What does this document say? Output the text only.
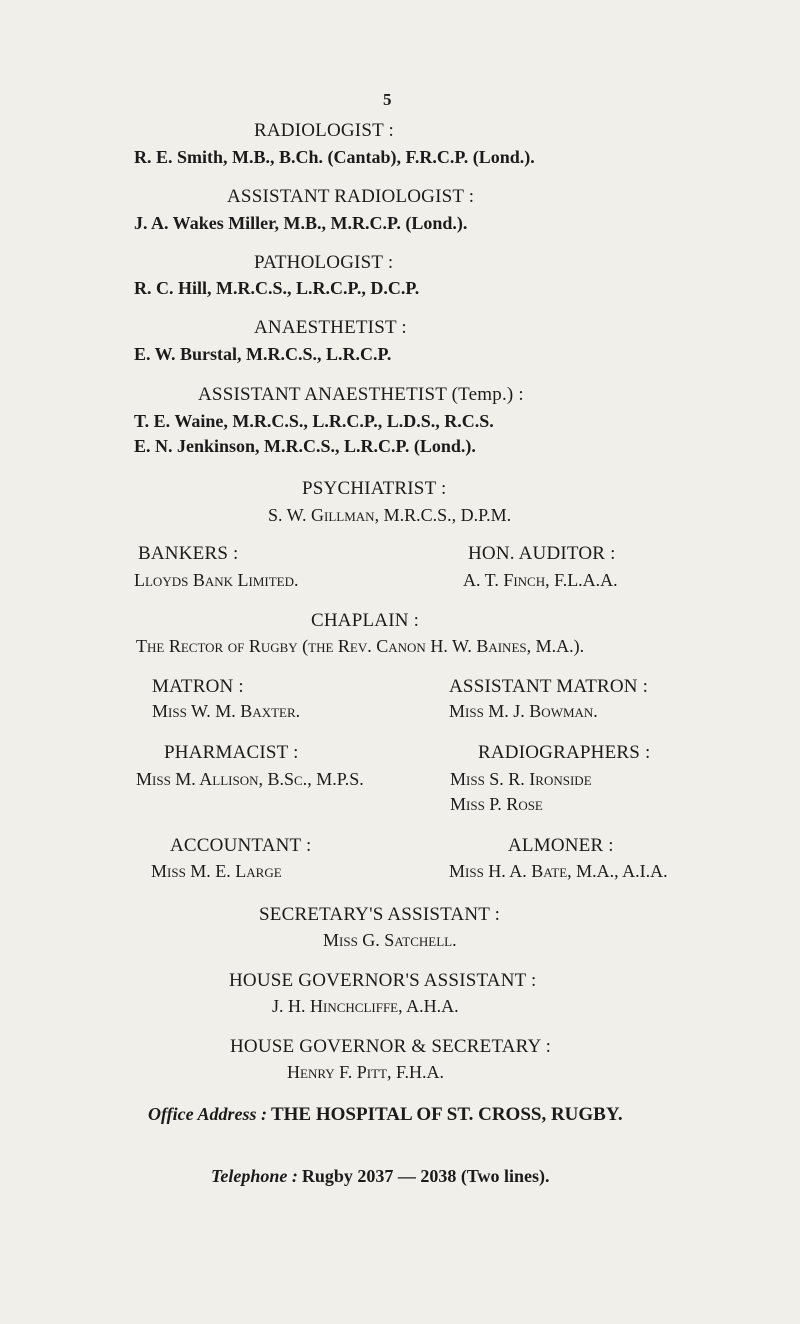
5
RADIOLOGIST :
R. E. Smith, M.B., B.Ch. (Cantab), F.R.C.P. (Lond.).
ASSISTANT RADIOLOGIST :
J. A. Wakes Miller, M.B., M.R.C.P. (Lond.).
PATHOLOGIST :
R. C. Hill, M.R.C.S., L.R.C.P., D.C.P.
ANAESTHETIST :
E. W. Burstal, M.R.C.S., L.R.C.P.
ASSISTANT ANAESTHETIST (Temp.) :
T. E. Waine, M.R.C.S., L.R.C.P., L.D.S., R.C.S.
E. N. Jenkinson, M.R.C.S., L.R.C.P. (Lond.).
PSYCHIATRIST :
S. W. Gillman, M.R.C.S., D.P.M.
BANKERS :
Lloyds Bank Limited.
HON. AUDITOR :
A. T. Finch, F.L.A.A.
CHAPLAIN :
The Rector of Rugby (the Rev. Canon H. W. Baines, M.A.).
MATRON :
Miss W. M. Baxter.
ASSISTANT MATRON :
Miss M. J. Bowman.
PHARMACIST :
Miss M. Allison, B.Sc., M.P.S.
RADIOGRAPHERS :
Miss S. R. Ironside
Miss P. Rose
ACCOUNTANT :
Miss M. E. Large
ALMONER :
Miss H. A. Bate, M.A., A.I.A.
SECRETARY'S ASSISTANT :
Miss G. Satchell.
HOUSE GOVERNOR'S ASSISTANT :
J. H. Hinchcliffe, A.H.A.
HOUSE GOVERNOR & SECRETARY :
Henry F. Pitt, F.H.A.
Office Address : THE HOSPITAL OF ST. CROSS, RUGBY.
Telephone : Rugby 2037 — 2038 (Two lines).
